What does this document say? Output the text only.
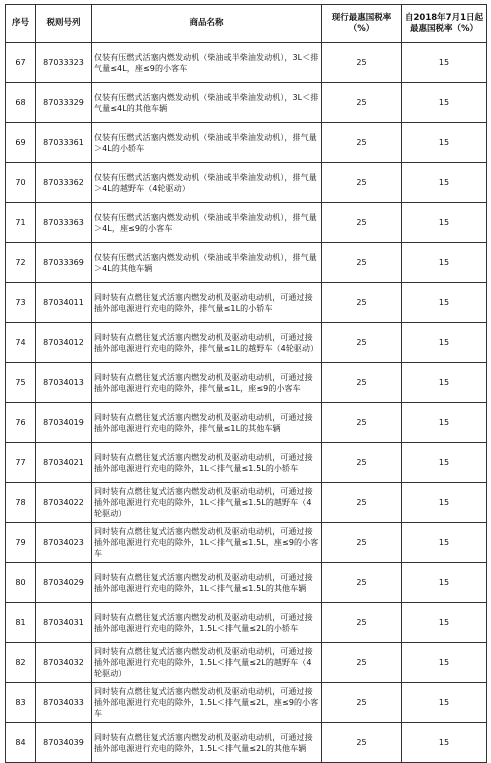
序号	税则号列	商品名称	现行最惠国税率（%）	自2018年7月1日起最惠国税率（%）
67	87033323	仅装有压燃式活塞内燃发动机（柴油或半柴油发动机），3L＜排气量≤4L，座≤9的小客车	25	15
68	87033329	仅装有压燃式活塞内燃发动机（柴油或半柴油发动机），3L＜排气量≤4L的其他车辆	25	15
69	87033361	仅装有压燃式活塞内燃发动机（柴油或半柴油发动机），排气量＞4L的小轿车	25	15
70	87033362	仅装有压燃式活塞内燃发动机（柴油或半柴油发动机），排气量＞4L的越野车（4轮驱动）	25	15
71	87033363	仅装有压燃式活塞内燃发动机（柴油或半柴油发动机），排气量＞4L，座≤9的小客车	25	15
72	87033369	仅装有压燃式活塞内燃发动机（柴油或半柴油发动机），排气量＞4L的其他车辆	25	15
73	87034011	同时装有点燃往复式活塞内燃发动机及驱动电动机，可通过接插外部电源进行充电的除外，排气量≤1L的小轿车	25	15
74	87034012	同时装有点燃往复式活塞内燃发动机及驱动电动机，可通过接插外部电源进行充电的除外，排气量≤1L的越野车（4轮驱动）	25	15
75	87034013	同时装有点燃往复式活塞内燃发动机及驱动电动机，可通过接插外部电源进行充电的除外，排气量≤1L，座≤9的小客车	25	15
76	87034019	同时装有点燃往复式活塞内燃发动机及驱动电动机，可通过接插外部电源进行充电的除外，排气量≤1L的其他车辆	25	15
77	87034021	同时装有点燃往复式活塞内燃发动机及驱动电动机，可通过接插外部电源进行充电的除外，1L＜排气量≤1.5L的小轿车	25	15
78	87034022	同时装有点燃往复式活塞内燃发动机及驱动电动机，可通过接插外部电源进行充电的除外，1L＜排气量≤1.5L的越野车（4轮驱动）	25	15
79	87034023	同时装有点燃往复式活塞内燃发动机及驱动电动机，可通过接插外部电源进行充电的除外，1L＜排气量≤1.5L，座≤9的小客车	25	15
80	87034029	同时装有点燃往复式活塞内燃发动机及驱动电动机，可通过接插外部电源进行充电的除外，1L＜排气量≤1.5L的其他车辆	25	15
81	87034031	同时装有点燃往复式活塞内燃发动机及驱动电动机，可通过接插外部电源进行充电的除外，1.5L＜排气量≤2L的小轿车	25	15
82	87034032	同时装有点燃往复式活塞内燃发动机及驱动电动机，可通过接插外部电源进行充电的除外，1.5L＜排气量≤2L的越野车（4轮驱动）	25	15
83	87034033	同时装有点燃往复式活塞内燃发动机及驱动电动机，可通过接插外部电源进行充电的除外，1.5L＜排气量≤2L，座≤9的小客车	25	15
84	87034039	同时装有点燃往复式活塞内燃发动机及驱动电动机，可通过接插外部电源进行充电的除外，1.5L＜排气量≤2L的其他车辆	25	15
